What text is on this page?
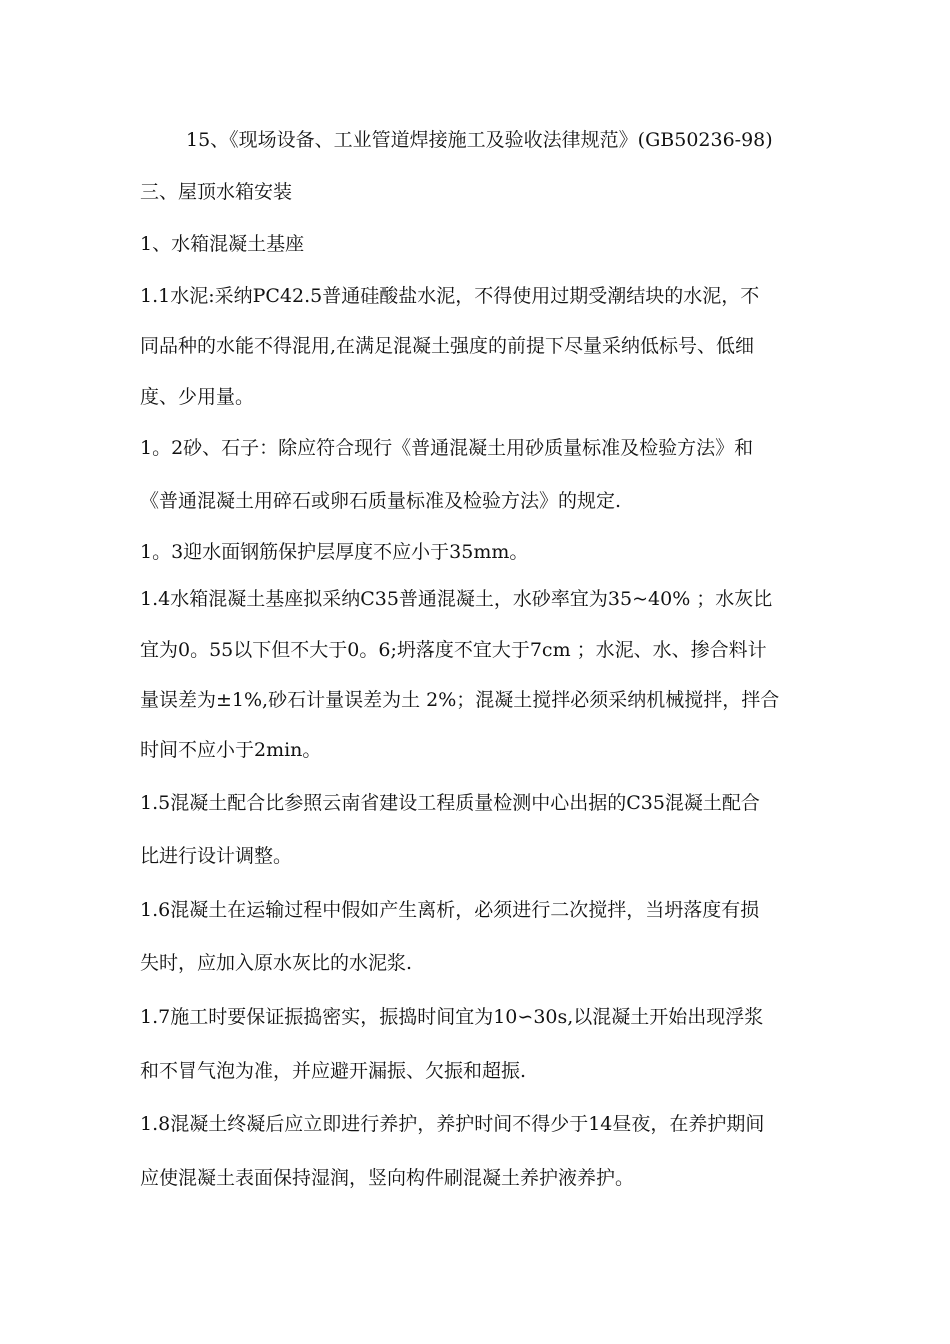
15、《现场设备、工业管道焊接施工及验收法律规范》(GB50236-98)
三、屋顶水箱安装
1、水箱混凝土基座
1.1水泥:采纳PC42.5普通硅酸盐水泥，不得使用过期受潮结块的水泥，不
同品种的水能不得混用,在满足混凝土强度的前提下尽量采纳低标号、低细
度、少用量。
1。2砂、石子：除应符合现行《普通混凝土用砂质量标准及检验方法》和
《普通混凝土用碎石或卵石质量标准及检验方法》的规定.
1。3迎水面钢筋保护层厚度不应小于35mm。
1.4水箱混凝土基座拟采纳C35普通混凝土，水砂率宜为35~40% ；水灰比
宜为0。55以下但不大于0。6;坍落度不宜大于7cm ；水泥、水、掺合料计
量误差为±1%,砂石计量误差为土 2%；混凝土搅拌必须采纳机械搅拌，拌合
时间不应小于2min。
1.5混凝土配合比参照云南省建设工程质量检测中心出据的C35混凝土配合
比进行设计调整。
1.6混凝土在运输过程中假如产生离析，必须进行二次搅拌，当坍落度有损
失时，应加入原水灰比的水泥浆.
1.7施工时要保证振捣密实，振捣时间宜为10∽30s,以混凝土开始出现浮浆
和不冒气泡为准，并应避开漏振、欠振和超振.
1.8混凝土终凝后应立即进行养护，养护时间不得少于14昼夜，在养护期间
应使混凝土表面保持湿润，竖向构件刷混凝土养护液养护。
